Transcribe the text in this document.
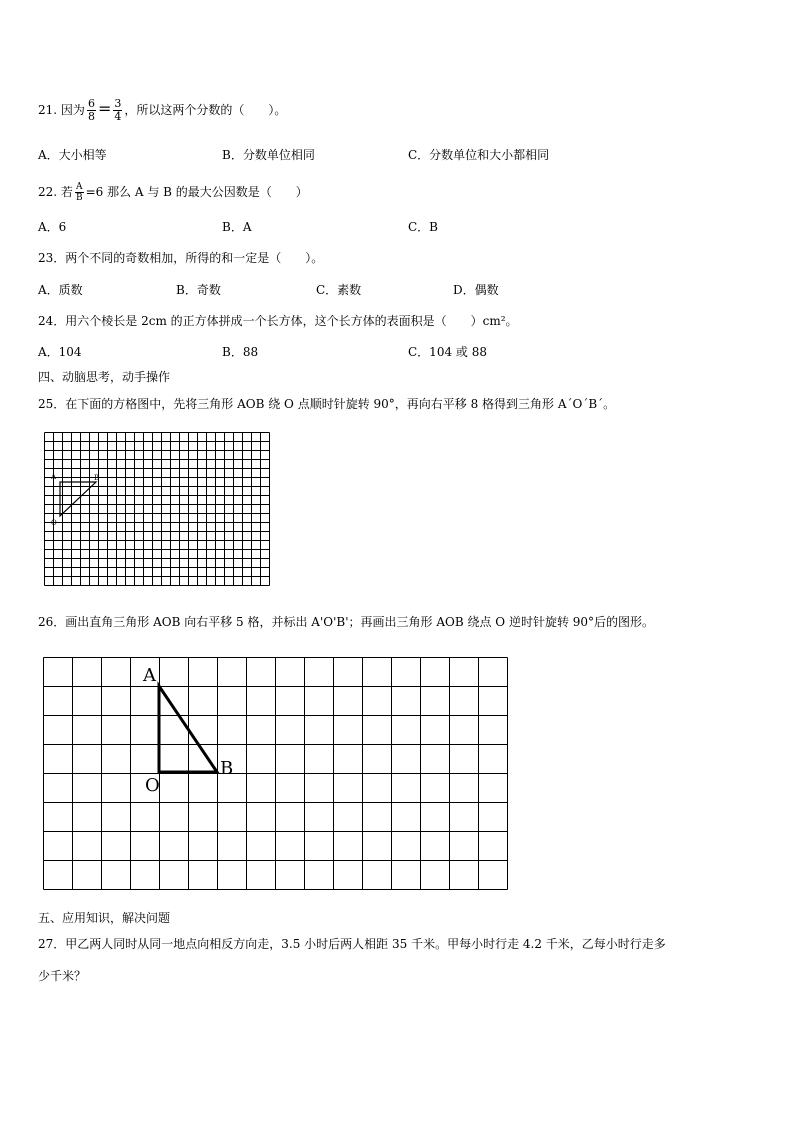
21. 因为 $\frac{6}{8} = \frac{3}{4}$ ，所以这两个分数的（　　）。
A．大小相等	B．分数单位相同	C．分数单位和大小都相同
22. 若 $\frac{A}{B} =6$ 那么 A 与 B 的最大公因数是（　　）
A．6	B．A	C．B
23．两个不同的奇数相加，所得的和一定是（　　）。
A．质数	B．奇数	C．素数	D．偶数
24．用六个棱长是 2cm 的正方体拼成一个长方体，这个长方体的表面积是（　　）cm²。
A．104	B．88	C．104 或 88
四、动脑思考，动手操作
25．在下面的方格图中，先将三角形 AOB 绕 O 点顺时针旋转 90°，再向右平移 8 格得到三角形 A´O´B´。
A	B
O
26．画出直角三角形 AOB 向右平移 5 格，并标出 A'O'B'；再画出三角形 AOB 绕点 O 逆时针旋转 90°后的图形。
A
B
O
五、应用知识，解决问题
27．甲乙两人同时从同一地点向相反方向走，3.5 小时后两人相距 35 千米。甲每小时行走 4.2 千米，乙每小时行走多
少千米？
